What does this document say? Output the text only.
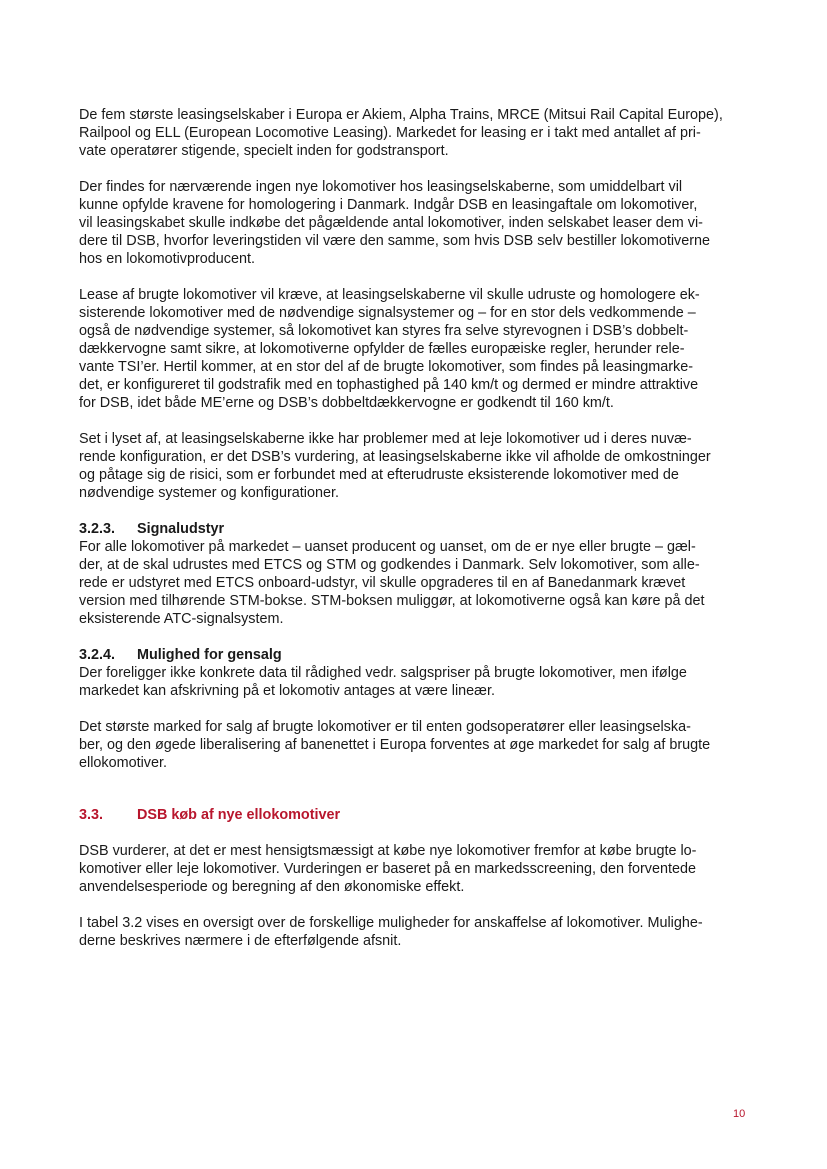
De fem største leasingselskaber i Europa er Akiem, Alpha Trains, MRCE (Mitsui Rail Capital Europe),
Railpool og ELL (European Locomotive Leasing). Markedet for leasing er i takt med antallet af pri-
vate operatører stigende, specielt inden for godstransport.
Der findes for nærværende ingen nye lokomotiver hos leasingselskaberne, som umiddelbart vil
kunne opfylde kravene for homologering i Danmark. Indgår DSB en leasingaftale om lokomotiver,
vil leasingskabet skulle indkøbe det pågældende antal lokomotiver, inden selskabet leaser dem vi-
dere til DSB, hvorfor leveringstiden vil være den samme, som hvis DSB selv bestiller lokomotiverne
hos en lokomotivproducent.
Lease af brugte lokomotiver vil kræve, at leasingselskaberne vil skulle udruste og homologere ek-
sisterende lokomotiver med de nødvendige signalsystemer og – for en stor dels vedkommende –
også de nødvendige systemer, så lokomotivet kan styres fra selve styrevognen i DSB’s dobbelt-
dækkervogne samt sikre, at lokomotiverne opfylder de fælles europæiske regler, herunder rele-
vante TSI’er. Hertil kommer, at en stor del af de brugte lokomotiver, som findes på leasingmarke-
det, er konfigureret til godstrafik med en tophastighed på 140 km/t og dermed er mindre attraktive
for DSB, idet både ME’erne og DSB’s dobbeltdækkervogne er godkendt til 160 km/t.
Set i lyset af, at leasingselskaberne ikke har problemer med at leje lokomotiver ud i deres nuvæ-
rende konfiguration, er det DSB’s vurdering, at leasingselskaberne ikke vil afholde de omkostninger
og påtage sig de risici, som er forbundet med at efterudruste eksisterende lokomotiver med de
nødvendige systemer og konfigurationer.
3.2.3.	Signaludstyr
For alle lokomotiver på markedet – uanset producent og uanset, om de er nye eller brugte – gæl-
der, at de skal udrustes med ETCS og STM og godkendes i Danmark. Selv lokomotiver, som alle-
rede er udstyret med ETCS onboard-udstyr, vil skulle opgraderes til en af Banedanmark krævet
version med tilhørende STM-bokse. STM-boksen muliggør, at lokomotiverne også kan køre på det
eksisterende ATC-signalsystem.
3.2.4.	Mulighed for gensalg
Der foreligger ikke konkrete data til rådighed vedr. salgspriser på brugte lokomotiver, men ifølge
markedet kan afskrivning på et lokomotiv antages at være lineær.
Det største marked for salg af brugte lokomotiver er til enten godsoperatører eller leasingselska-
ber, og den øgede liberalisering af banenettet i Europa forventes at øge markedet for salg af brugte
ellokomotiver.
3.3.	DSB køb af nye ellokomotiver
DSB vurderer, at det er mest hensigtsmæssigt at købe nye lokomotiver fremfor at købe brugte lo-
komotiver eller leje lokomotiver. Vurderingen er baseret på en markedsscreening, den forventede
anvendelsesperiode og beregning af den økonomiske effekt.
I tabel 3.2 vises en oversigt over de forskellige muligheder for anskaffelse af lokomotiver. Mulighe-
derne beskrives nærmere i de efterfølgende afsnit.
10
